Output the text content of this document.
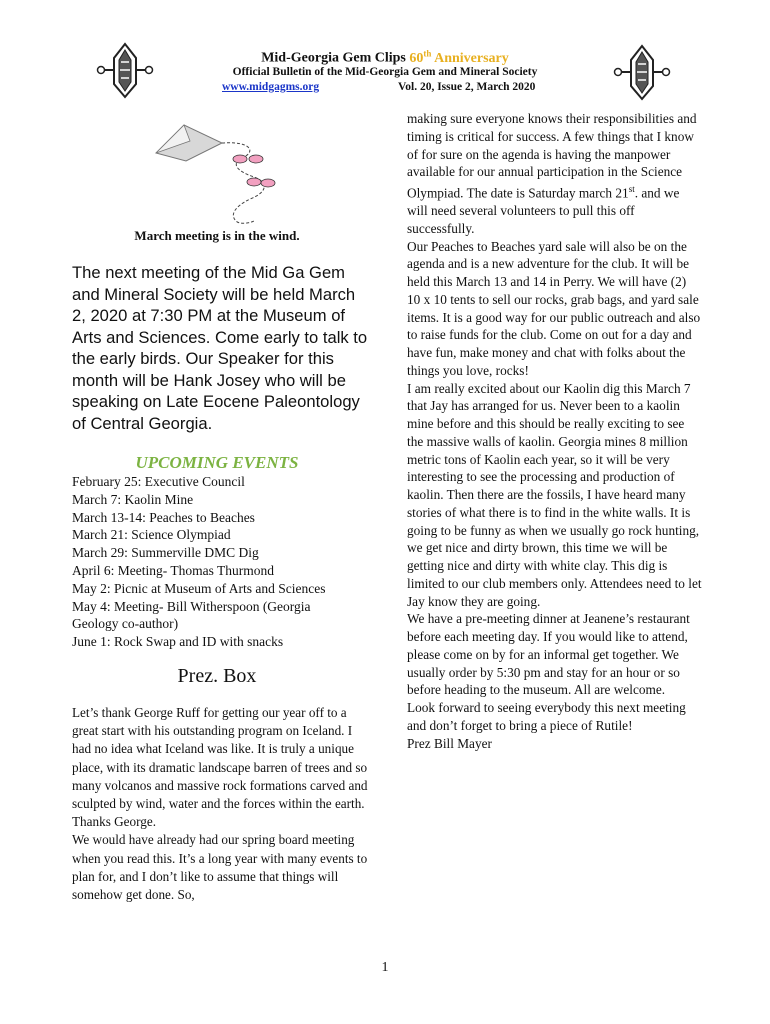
Mid-Georgia Gem Clips 60th Anniversary
Official Bulletin of the Mid-Georgia Gem and Mineral Society
www.midgagms.org	Vol. 20, Issue 2, March 2020
March meeting is in the wind.
The next meeting of the Mid Ga Gem and Mineral Society will be held March 2, 2020 at 7:30 PM at the Museum of Arts and Sciences. Come early to talk to the early birds. Our Speaker for this month will be Hank Josey who will be speaking on Late Eocene Paleontology of Central Georgia.
UPCOMING EVENTS
February 25: Executive Council
March 7: Kaolin Mine
March 13-14: Peaches to Beaches
March 21: Science Olympiad
March 29: Summerville DMC Dig
April 6: Meeting- Thomas Thurmond
May 2: Picnic at Museum of Arts and Sciences
May 4: Meeting- Bill Witherspoon (Georgia
Geology co-author)
June 1: Rock Swap and ID with snacks
Prez. Box
Let’s thank George Ruff for getting our year off to a great start with his outstanding program on Iceland. I had no idea what Iceland was like. It is truly a unique place, with its dramatic landscape barren of trees and so many volcanos and massive rock formations carved and sculpted by wind, water and the forces within the earth. Thanks George.
We would have already had our spring board meeting when you read this. It’s a long year with many events to plan for, and I don’t like to assume that things will somehow get done. So,

making sure everyone knows their responsibilities and timing is critical for success. A few things that I know of for sure on the agenda is having the manpower available for our annual participation in the Science Olympiad. The date is Saturday march 21st. and we will need several volunteers to pull this off successfully.

Our Peaches to Beaches yard sale will also be on the agenda and is a new adventure for the club. It will be held this March 13 and 14 in Perry. We will have (2) 10 x 10 tents to sell our rocks, grab bags, and yard sale items. It is a good way for our public outreach and also to raise funds for the club. Come on out for a day and have fun, make money and chat with folks about the things you love, rocks!

I am really excited about our Kaolin dig this March 7 that Jay has arranged for us. Never been to a kaolin mine before and this should be really exciting to see the massive walls of kaolin. Georgia mines 8 million metric tons of Kaolin each year, so it will be very interesting to see the processing and production of kaolin. Then there are the fossils, I have heard many stories of what there is to find in the white walls. It is going to be funny as when we usually go rock hunting, we get nice and dirty brown, this time we will be getting nice and dirty with white clay. This dig is limited to our club members only. Attendees need to let Jay know they are going.

We have a pre-meeting dinner at Jeanene’s restaurant before each meeting day. If you would like to attend, please come on by for an informal get together. We usually order by 5:30 pm and stay for an hour or so before heading to the museum. All are welcome.

Look forward to seeing everybody this next meeting and don’t forget to bring a piece of Rutile!

Prez Bill Mayer

1
